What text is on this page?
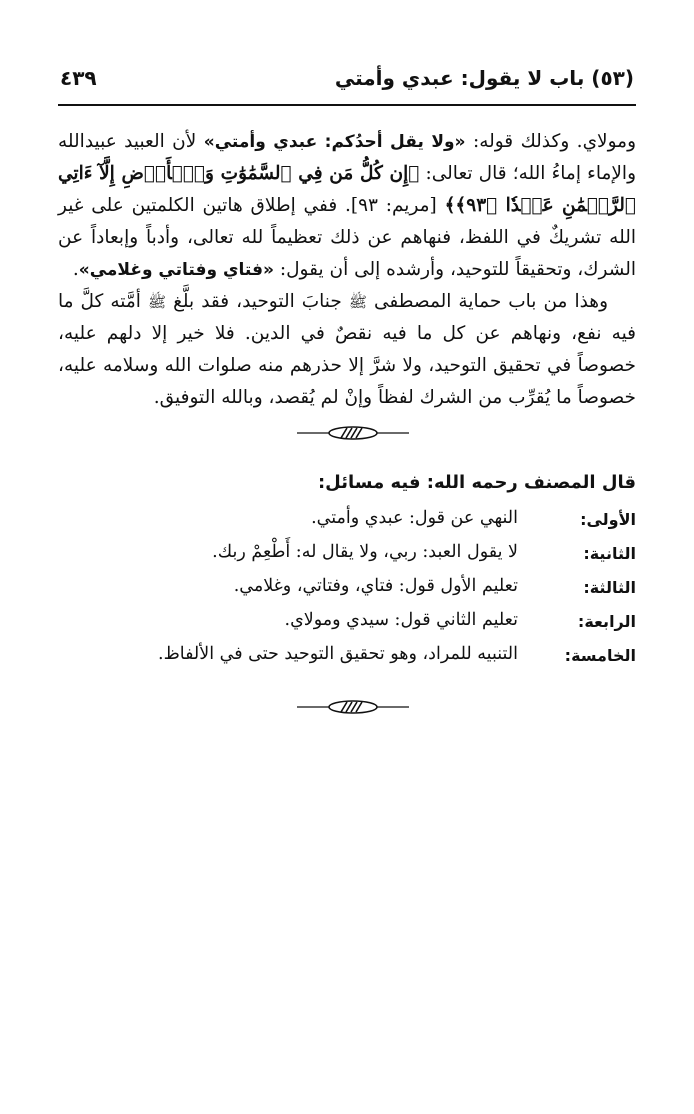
(٥٣) باب لا يقول: عبدي وأمتي
٤٣٩

ومولاي. وكذلك قوله: «ولا يقل أحدُكم: عبدي وأمتي» لأن العبيد عبيدالله والإماء إماءُ الله؛ قال تعالى: ﴿إِن كُلُّ مَن فِي ٱلسَّمَٰوَٰتِ وَٱلۡأَرۡضِ إِلَّآ ءَاتِي ٱلرَّحۡمَٰنِ عَبۡدٗا ﴿٩٣﴾﴾ [مريم: ٩٣]. ففي إطلاق هاتين الكلمتين على غير الله تشريكٌ في اللفظ، فنهاهم عن ذلك تعظيماً لله تعالى، وأدباً وإبعاداً عن الشرك، وتحقيقاً للتوحيد، وأرشده إلى أن يقول: «فتاي وفتاتي وغلامي».

وهذا من باب حماية المصطفى ﷺ جنابَ التوحيد، فقد بلَّغ ﷺ أمَّته كلَّ ما فيه نفع، ونهاهم عن كل ما فيه نقصٌ في الدين. فلا خير إلا دلهم عليه، خصوصاً في تحقيق التوحيد، ولا شرَّ إلا حذرهم منه صلوات الله وسلامه عليه، خصوصاً ما يُقرِّب من الشرك لفظاً وإنْ لم يُقصد، وبالله التوفيق.

قال المصنف رحمه الله: فيه مسائل:
الأولى:
النهي عن قول: عبدي وأمتي.
الثانية:
لا يقول العبد: ربي، ولا يقال له: أَطْعِمْ ربك.
الثالثة:
تعليم الأول قول: فتاي، وفتاتي، وغلامي.
الرابعة:
تعليم الثاني قول: سيدي ومولاي.
الخامسة:
التنبيه للمراد، وهو تحقيق التوحيد حتى في الألفاظ.
